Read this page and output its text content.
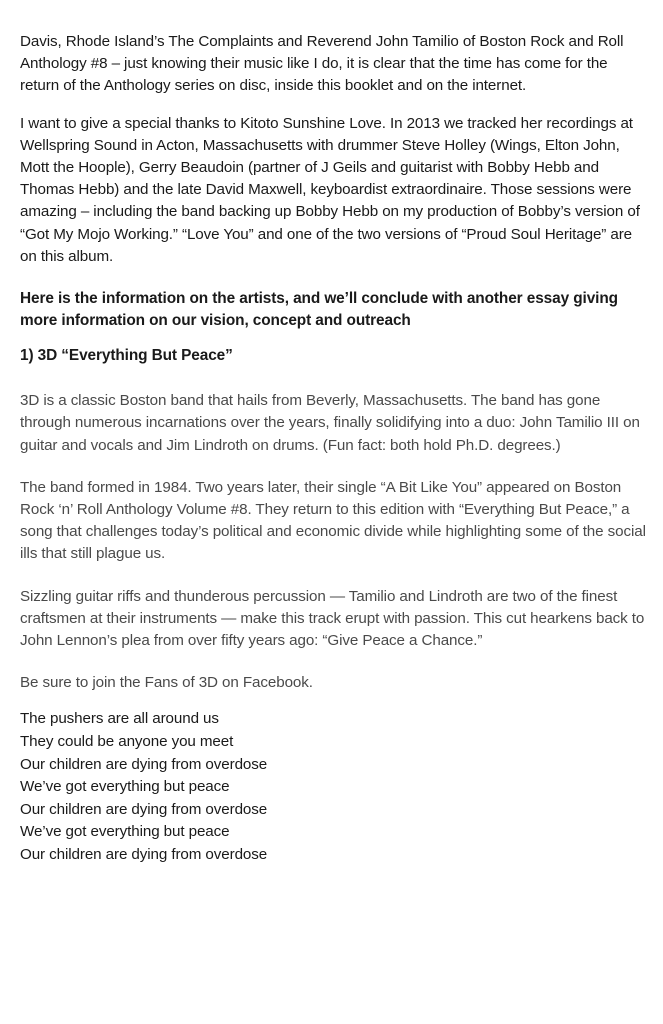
Davis, Rhode Island’s The Complaints and Reverend John Tamilio of Boston Rock and Roll Anthology #8 – just knowing their music like I do, it is clear that the time has come for the return of the Anthology series on disc, inside this booklet and on the internet.

I want to give a special thanks to Kitoto Sunshine Love. In 2013 we tracked her recordings at Wellspring Sound in Acton, Massachusetts with drummer Steve Holley (Wings, Elton John, Mott the Hoople), Gerry Beaudoin (partner of J Geils and guitarist with Bobby Hebb and Thomas Hebb) and the late David Maxwell, keyboardist extraordinaire. Those sessions were amazing – including the band backing up Bobby Hebb on my production of Bobby’s version of “Got My Mojo Working.” “Love You” and one of the two versions of “Proud Soul Heritage” are on this album.

Here is the information on the artists, and we’ll conclude with another essay giving more information on our vision, concept and outreach

1) 3D “Everything But Peace”

3D is a classic Boston band that hails from Beverly, Massachusetts. The band has gone through numerous incarnations over the years, finally solidifying into a duo: John Tamilio III on guitar and vocals and Jim Lindroth on drums. (Fun fact: both hold Ph.D. degrees.)

The band formed in 1984. Two years later, their single “A Bit Like You” appeared on Boston Rock ‘n’ Roll Anthology Volume #8. They return to this edition with “Everything But Peace,” a song that challenges today’s political and economic divide while highlighting some of the social ills that still plague us.

Sizzling guitar riffs and thunderous percussion — Tamilio and Lindroth are two of the finest craftsmen at their instruments — make this track erupt with passion. This cut hearkens back to John Lennon’s plea from over fifty years ago: “Give Peace a Chance.”

Be sure to join the Fans of 3D on Facebook.

The pushers are all around us

They could be anyone you meet

Our children are dying from overdose

We’ve got everything but peace

Our children are dying from overdose

We’ve got everything but peace

Our children are dying from overdose
